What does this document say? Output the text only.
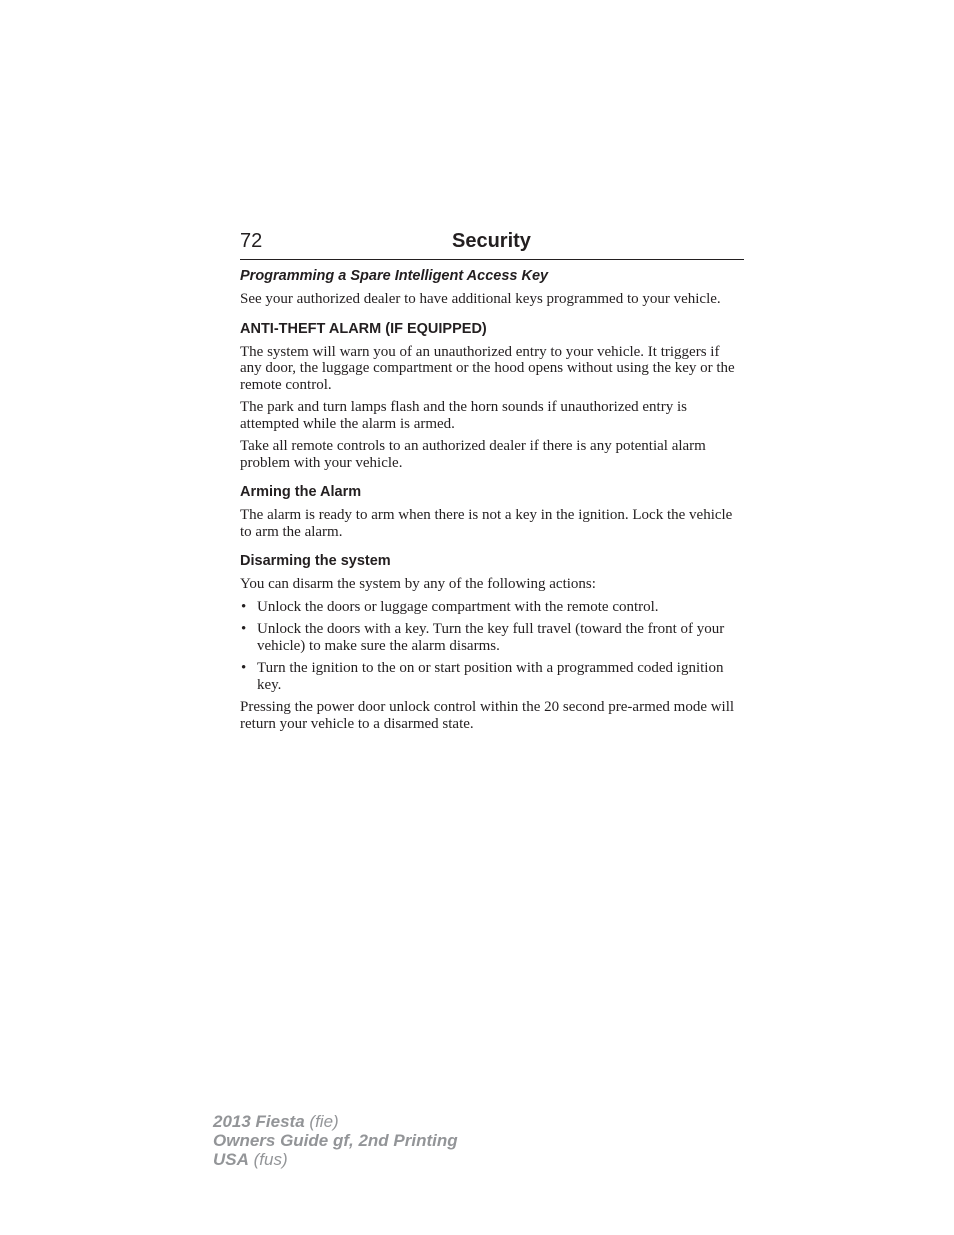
72	Security
Programming a Spare Intelligent Access Key

See your authorized dealer to have additional keys programmed to your vehicle.

ANTI-THEFT ALARM (IF EQUIPPED)

The system will warn you of an unauthorized entry to your vehicle. It triggers if any door, the luggage compartment or the hood opens without using the key or the remote control.

The park and turn lamps flash and the horn sounds if unauthorized entry is attempted while the alarm is armed.

Take all remote controls to an authorized dealer if there is any potential alarm problem with your vehicle.

Arming the Alarm

The alarm is ready to arm when there is not a key in the ignition. Lock the vehicle to arm the alarm.

Disarming the system

You can disarm the system by any of the following actions:

• Unlock the doors or luggage compartment with the remote control.
• Unlock the doors with a key. Turn the key full travel (toward the front of your vehicle) to make sure the alarm disarms.
• Turn the ignition to the on or start position with a programmed coded ignition key.

Pressing the power door unlock control within the 20 second pre-armed mode will return your vehicle to a disarmed state.

2013 Fiesta (fie)
Owners Guide gf, 2nd Printing
USA (fus)
